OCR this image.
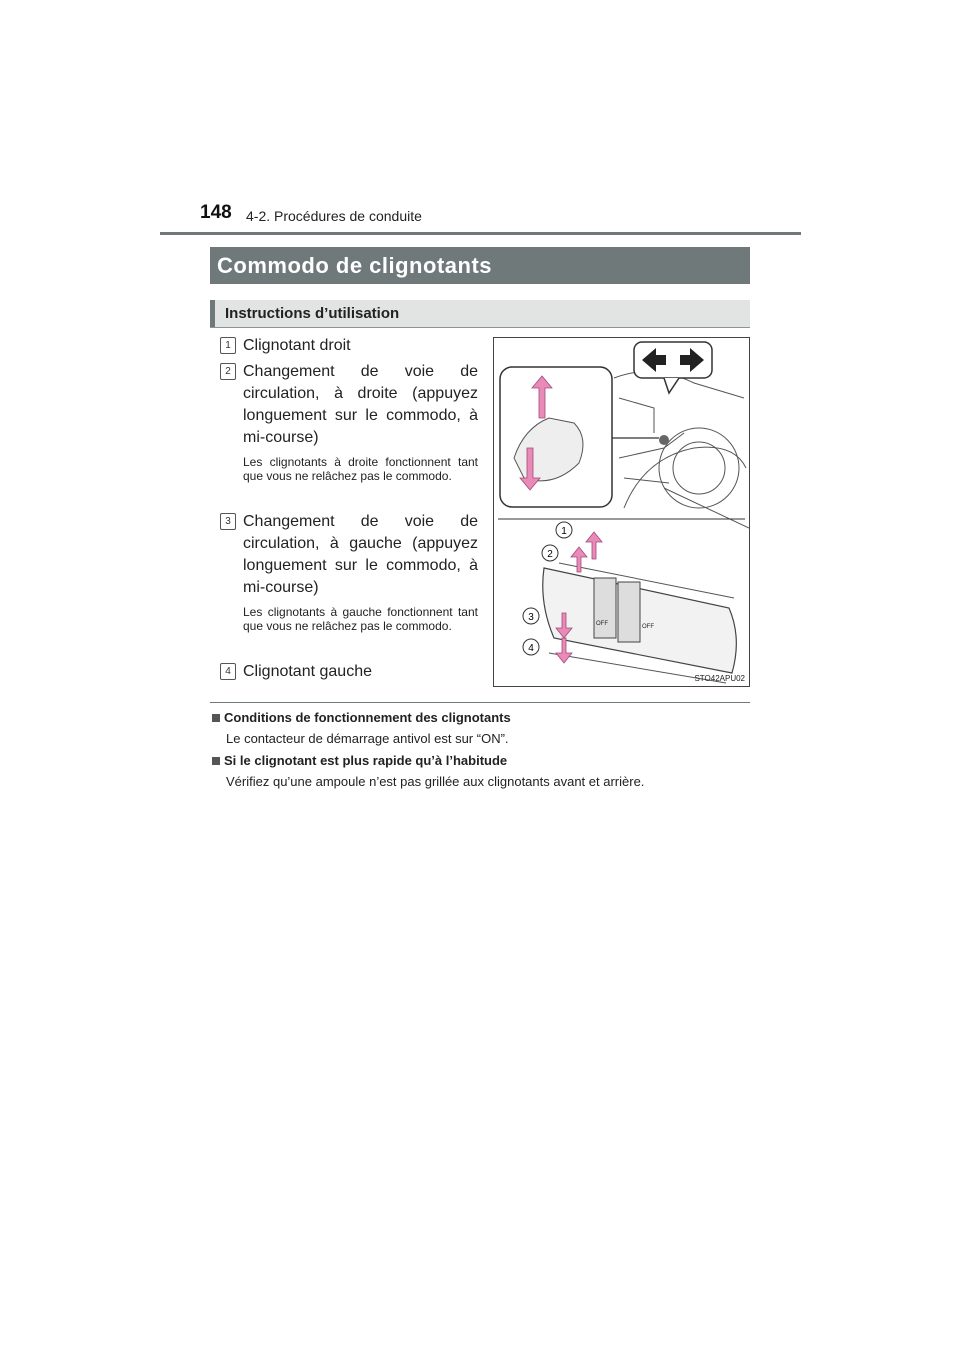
148 4-2. Procédures de conduite
Commodo de clignotants
Instructions d’utilisation
1 Clignotant droit
2 Changement de voie de circulation, à droite (appuyez longuement sur le commodo, à mi-course)
Les clignotants à droite fonctionnent tant que vous ne relâchez pas le commodo.
3 Changement de voie de circulation, à gauche (appuyez longuement sur le commodo, à mi-course)
Les clignotants à gauche fonctionnent tant que vous ne relâchez pas le commodo.
4 Clignotant gauche
OFF	OFF
1
2
3
4
STO42APU02
Conditions de fonctionnement des clignotants
Le contacteur de démarrage antivol est sur “ON”.
Si le clignotant est plus rapide qu’à l’habitude
Vérifiez qu’une ampoule n’est pas grillée aux clignotants avant et arrière.
